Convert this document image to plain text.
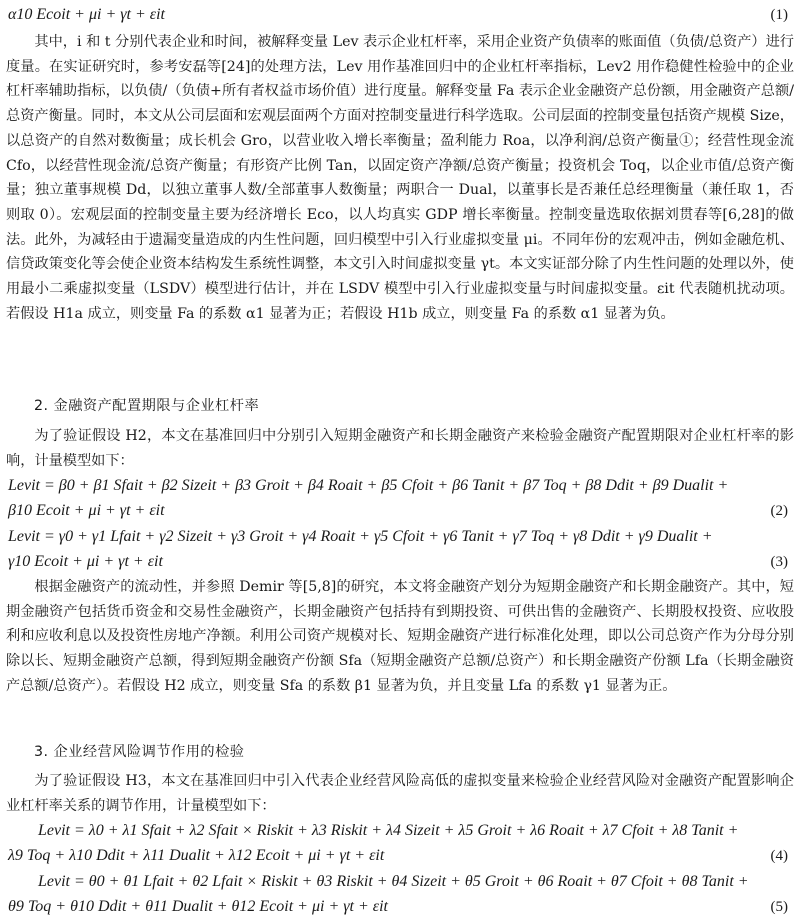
α10 Ecoit + μi + γt + εit	(1)

其中，i 和 t 分别代表企业和时间，被解释变量 Lev 表示企业杠杆率，采用企业资产负债率的账面值（负债/总资产）进行度量。在实证研究时，参考安磊等[24]的处理方法，Lev 用作基准回归中的企业杠杆率指标，Lev2 用作稳健性检验中的企业杠杆率辅助指标，以负债/（负债+所有者权益市场价值）进行度量。解释变量 Fa 表示企业金融资产总份额，用金融资产总额/总资产衡量。同时，本文从公司层面和宏观层面两个方面对控制变量进行科学选取。公司层面的控制变量包括资产规模 Size，以总资产的自然对数衡量；成长机会 Gro，以营业收入增长率衡量；盈利能力 Roa，以净利润/总资产衡量①；经营性现金流 Cfo，以经营性现金流/总资产衡量；有形资产比例 Tan，以固定资产净额/总资产衡量；投资机会 Toq，以企业市值/总资产衡量；独立董事规模 Dd，以独立董事人数/全部董事人数衡量；两职合一 Dual，以董事长是否兼任总经理衡量（兼任取 1，否则取 0）。宏观层面的控制变量主要为经济增长 Eco，以人均真实 GDP 增长率衡量。控制变量选取依据刘贯春等[6,28]的做法。此外，为减轻由于遗漏变量造成的内生性问题，回归模型中引入行业虚拟变量 μi。不同年份的宏观冲击，例如金融危机、信贷政策变化等会使企业资本结构发生系统性调整，本文引入时间虚拟变量 γt。本文实证部分除了内生性问题的处理以外，使用最小二乘虚拟变量（LSDV）模型进行估计，并在 LSDV 模型中引入行业虚拟变量与时间虚拟变量。εit 代表随机扰动项。若假设 H1a 成立，则变量 Fa 的系数 α1 显著为正；若假设 H1b 成立，则变量 Fa 的系数 α1 显著为负。

2. 金融资产配置期限与企业杠杆率

为了验证假设 H2，本文在基准回归中分别引入短期金融资产和长期金融资产来检验金融资产配置期限对企业杠杆率的影响，计量模型如下：

Levit = β0 + β1 Sfait + β2 Sizeit + β3 Groit + β4 Roait + β5 Cfoit + β6 Tanit + β7 Toq + β8 Ddit + β9 Dualit +
β10 Ecoit + μi + γt + εit	(2)
Levit = γ0 + γ1 Lfait + γ2 Sizeit + γ3 Groit + γ4 Roait + γ5 Cfoit + γ6 Tanit + γ7 Toq + γ8 Ddit + γ9 Dualit +
γ10 Ecoit + μi + γt + εit	(3)

根据金融资产的流动性，并参照 Demir 等[5,8]的研究，本文将金融资产划分为短期金融资产和长期金融资产。其中，短期金融资产包括货币资金和交易性金融资产，长期金融资产包括持有到期投资、可供出售的金融资产、长期股权投资、应收股利和应收利息以及投资性房地产净额。利用公司资产规模对长、短期金融资产进行标准化处理，即以公司总资产作为分母分别除以长、短期金融资产总额，得到短期金融资产份额 Sfa（短期金融资产总额/总资产）和长期金融资产份额 Lfa（长期金融资产总额/总资产）。若假设 H2 成立，则变量 Sfa 的系数 β1 显著为负，并且变量 Lfa 的系数 γ1 显著为正。

3. 企业经营风险调节作用的检验

为了验证假设 H3，本文在基准回归中引入代表企业经营风险高低的虚拟变量来检验企业经营风险对金融资产配置影响企业杠杆率关系的调节作用，计量模型如下：

Levit = λ0 + λ1 Sfait + λ2 Sfait × Riskit + λ3 Riskit + λ4 Sizeit + λ5 Groit + λ6 Roait + λ7 Cfoit + λ8 Tanit +
λ9 Toq + λ10 Ddit + λ11 Dualit + λ12 Ecoit + μi + γt + εit	(4)
Levit = θ0 + θ1 Lfait + θ2 Lfait × Riskit + θ3 Riskit + θ4 Sizeit + θ5 Groit + θ6 Roait + θ7 Cfoit + θ8 Tanit +
θ9 Toq + θ10 Ddit + θ11 Dualit + θ12 Ecoit + μi + γt + εit	(5)
